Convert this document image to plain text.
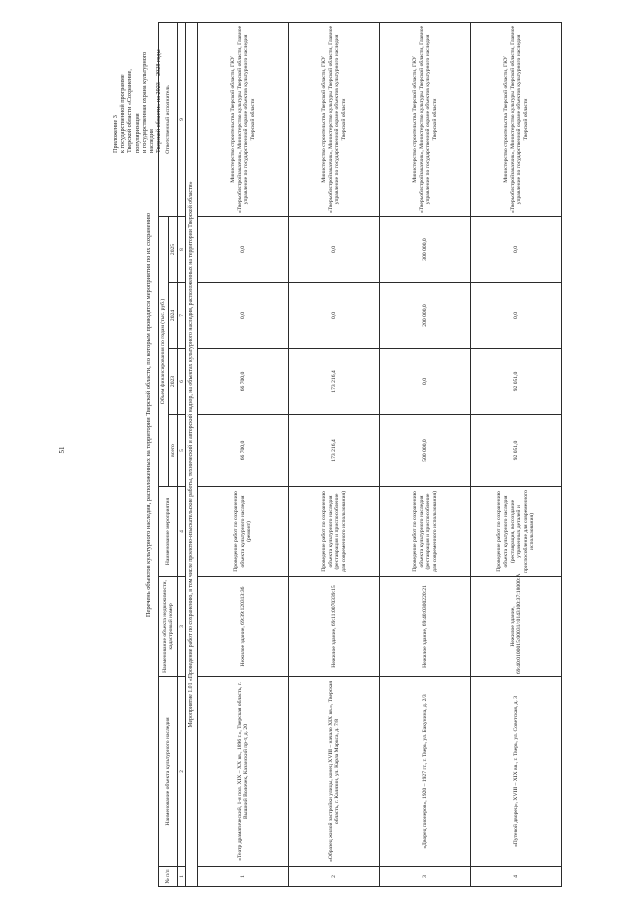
51
Приложение 3 к государственной программе Тверской области «Сохранение, популяризация и государственная охрана культурного наследия Тверской области» на 2023 – 2028 годы
Перечень объектов культурного наследия, расположенных на территории Тверской области, по которым проводятся мероприятия по их сохранению
№ п/п	Наименование объекта культурного наследия	Наименование объекта недвижимости, кадастровый номер	Наименование мероприятия	Объем финансирования по годам (тыс. руб.)				Ответственный исполнитель
				всего	2023	2024	2025	
1	2	3	4	5	6	7	8	9
Мероприятие 1.01 «Проведение работ по сохранению, в том числе проектно-изыскательские работы, технический и авторский надзор, на объектах культурного наследия, расположенных на территории Тверской области»								
1	«Театр драматический, 1-я пол. XIX – XX вв., 1896 г.», Тверская область, г. Вышний Волочек, Казанский пр-т, д. 20	Нежилое здание, 69:39:120313:36	Проведение работ по сохранению объекта культурного наследия (ремонт)	66 700,0	66 700,0	0,0	0,0	Министерство строительства Тверской области, ГКУ «Тверьоблстройзаказчик», Министерство культуры Тверской области, Главное управление по государственной охране объектов культурного наследия Тверской области
2	«Образец жилой застройки улицы, конец XVIII – начало XIX вв.», Тверская область, г. Калязин, ул. Карла Маркса, д. 7/8	Нежилое здание, 69:11:0070339:15	Проведение работ по сохранению объекта культурного наследия (реставрация и приспособление для современного использования)	173 216,4	173 216,4	0,0	0,0	Министерство строительства Тверской области, ГКУ «Тверьоблстройзаказчик», Министерство культуры Тверской области, Главное управление по государственной охране объектов культурного наследия Тверской области
3	«Дворец пионеров», 1920 – 1927 гг., г. Тверь, ул. Бакунина, д. 2/3	Нежилое здание, 69:40:0300220:21	Проведение работ по сохранению объекта культурного наследия (реставрация и приспособление для современного использования)	500 000,0	0,0	200 000,0	300 000,0	Министерство строительства Тверской области, ГКУ «Тверьоблстройзаказчик», Министерство культуры Тверской области, Главное управление по государственной охране объектов культурного наследия Тверской области
4	«Путевой дворец», XVIII – XIX вв., г. Тверь, ул. Советская, д. 3	Нежилое здание, 69:40:0100015:00031/:0143100:37:18000:А	Проведение работ по сохранению объекта культурного наследия (реставрация, воссоздание утраченных деталей и приспособление для современного использования)	92 051,0	92 051,0	0,0	0,0	Министерство строительства Тверской области, ГКУ «Тверьоблстройзаказчик», Министерство культуры Тверской области, Главное управление по государственной охране объектов культурного наследия Тверской области
